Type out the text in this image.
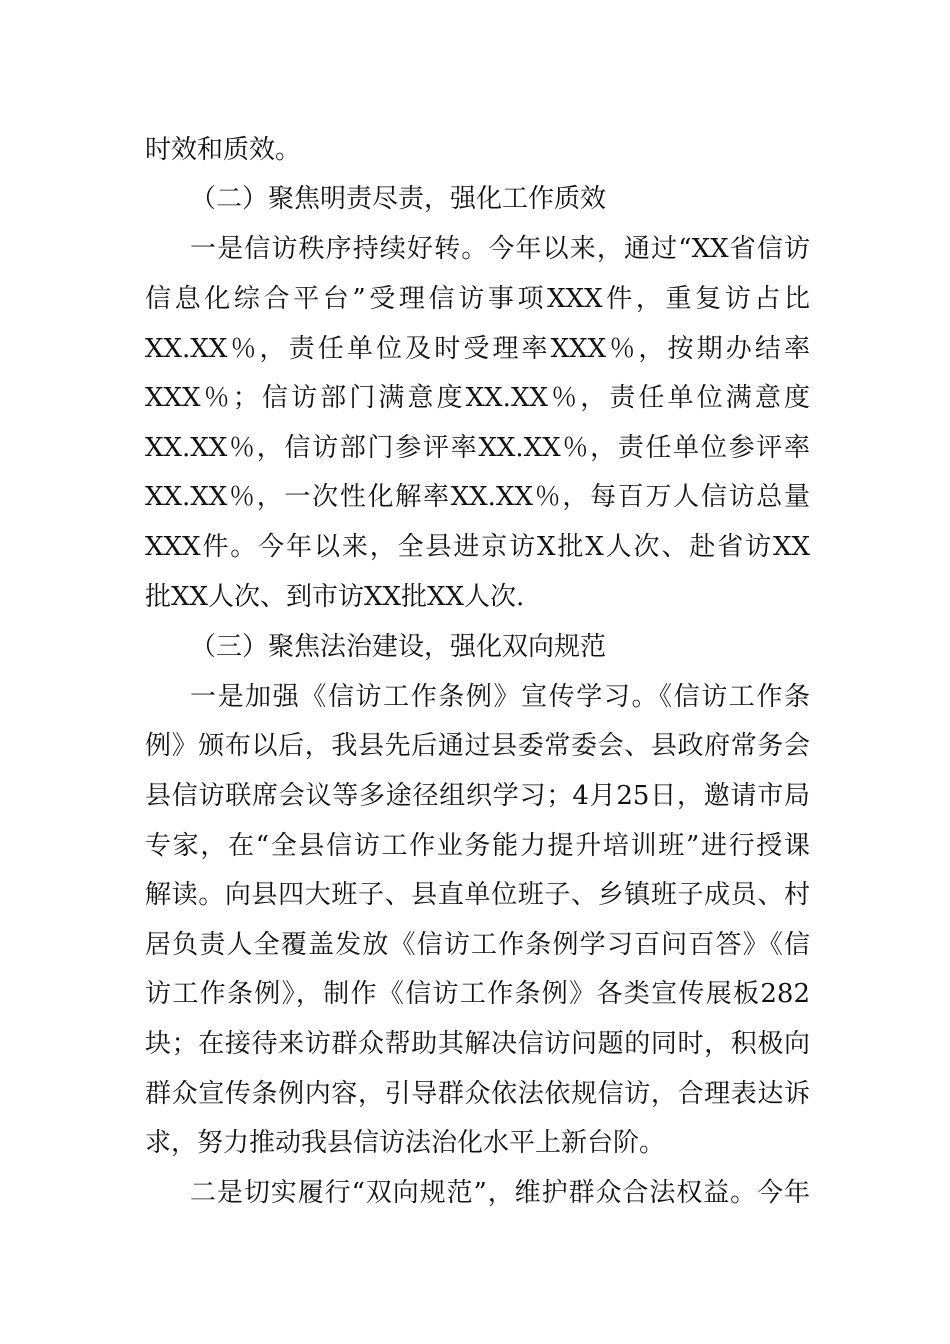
时效和质效。
（二）聚焦明责尽责，强化工作质效
一是信访秩序持续好转。今年以来，通过“XX省信访
信息化综合平台”受理信访事项XXX件，重复访占比
XX.XX％，责任单位及时受理率XXX％，按期办结率
XXX％；信访部门满意度XX.XX％，责任单位满意度
XX.XX％，信访部门参评率XX.XX％，责任单位参评率
XX.XX％，一次性化解率XX.XX％，每百万人信访总量
XXX件。今年以来，全县进京访X批X人次、赴省访XX
批XX人次、到市访XX批XX人次.
（三）聚焦法治建设，强化双向规范
一是加强《信访工作条例》宣传学习。《信访工作条
例》颁布以后，我县先后通过县委常委会、县政府常务会
县信访联席会议等多途径组织学习；4月25日，邀请市局
专家，在“全县信访工作业务能力提升培训班”进行授课
解读。向县四大班子、县直单位班子、乡镇班子成员、村
居负责人全覆盖发放《信访工作条例学习百问百答》《信
访工作条例》，制作《信访工作条例》各类宣传展板282
块；在接待来访群众帮助其解决信访问题的同时，积极向
群众宣传条例内容，引导群众依法依规信访，合理表达诉
求，努力推动我县信访法治化水平上新台阶。
二是切实履行“双向规范”，维护群众合法权益。今年
